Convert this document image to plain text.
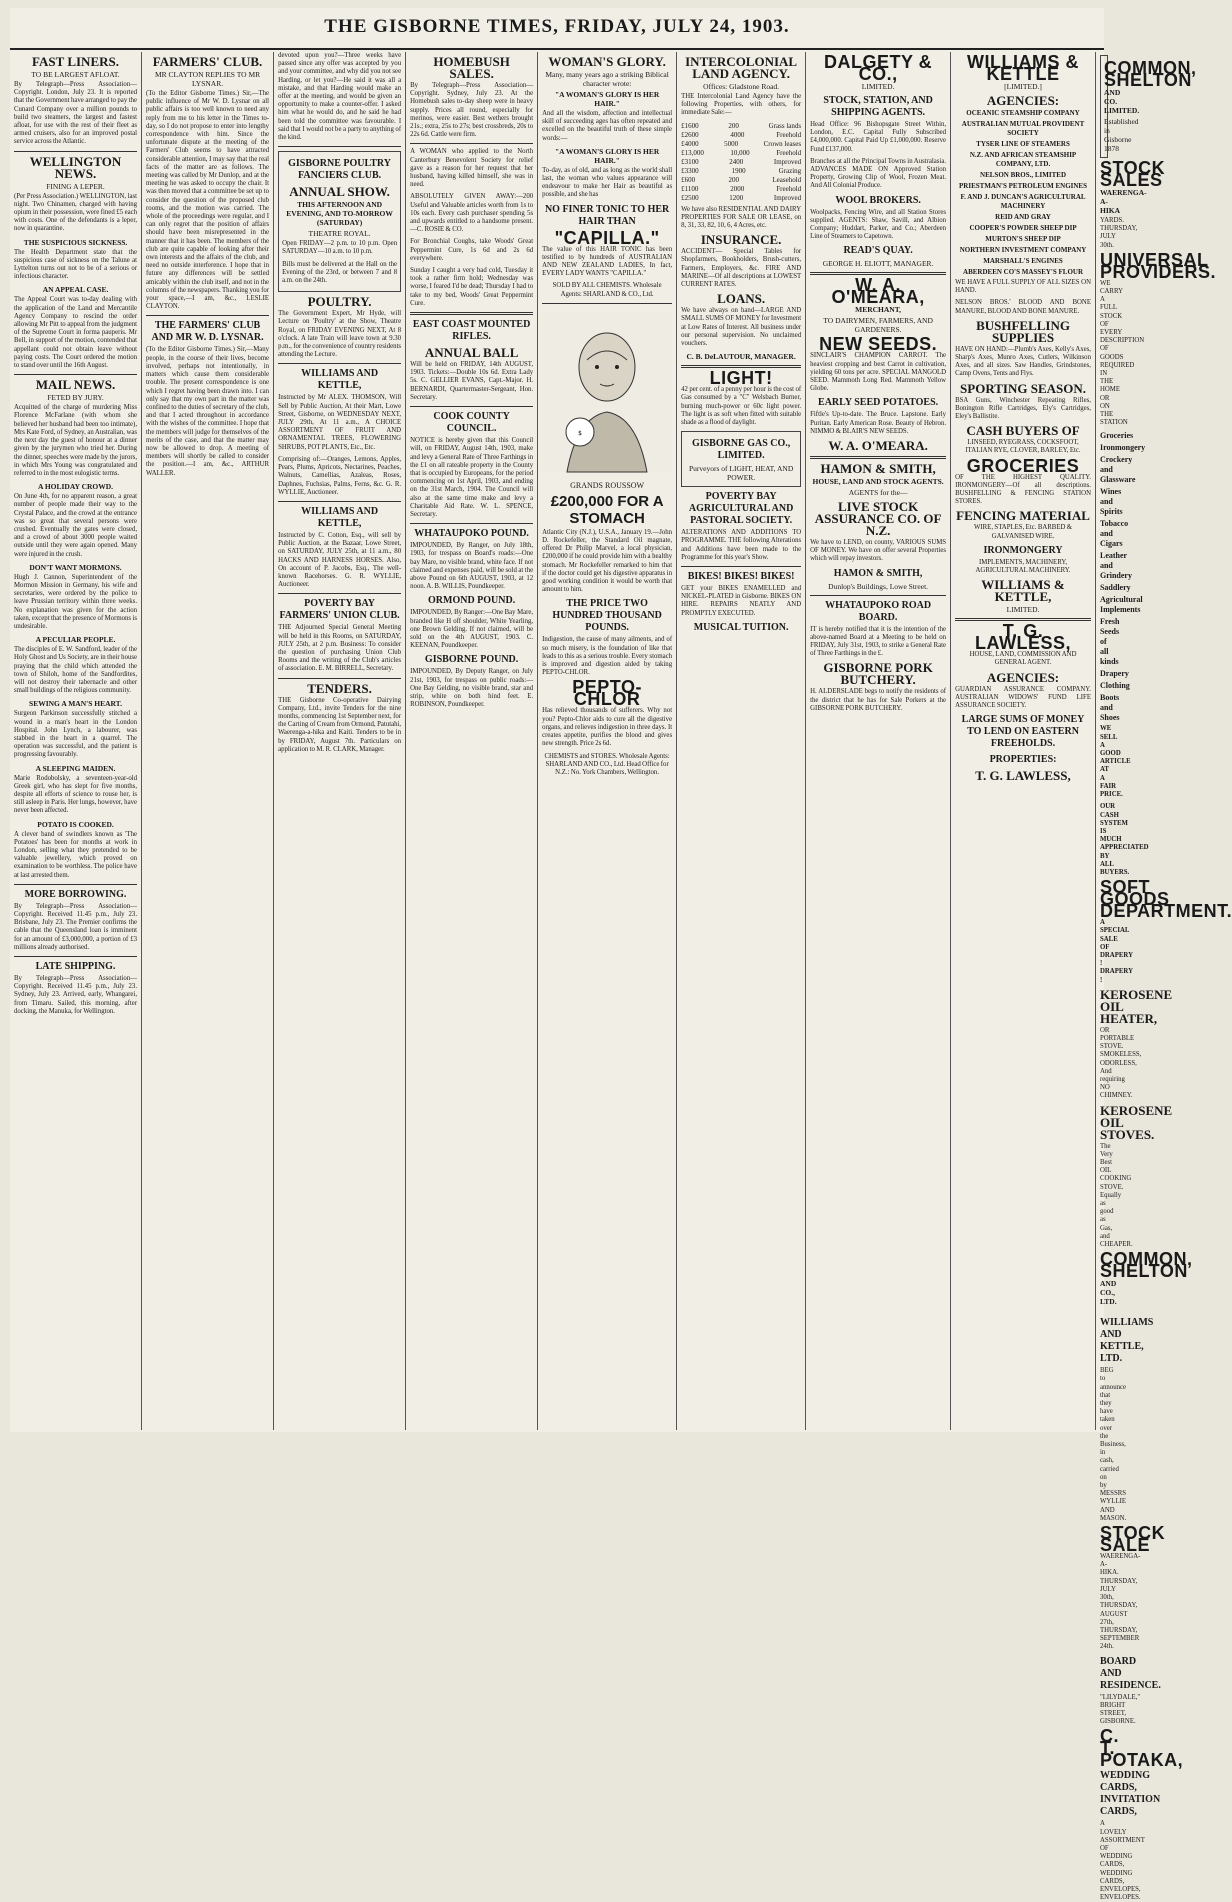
THE GISBORNE TIMES, FRIDAY, JULY 24, 1903.
FAST LINERS.
TO BE LARGEST AFLOAT.

By Telegraph—Press Association—Copyright. London, July 23. It is reported that the Government have arranged to pay the Cunard Company over a million pounds to build two steamers, the largest and fastest afloat, for use with the rest of their fleet as armed cruisers, also for an improved postal service across the Atlantic.

WELLINGTON NEWS.
FINING A LEPER.

(Per Press Association.) WELLINGTON, last night. Two Chinamen, charged with having opium in their possession, were fined £5 each with costs. One of the defendants is a leper, now in quarantine.

THE SUSPICIOUS SICKNESS.

The Health Department state that the suspicious case of sickness on the Talune at Lyttelton turns out not to be of a serious or infectious character.

AN APPEAL CASE.

The Appeal Court was to-day dealing with the application of the Land and Mercantile Agency Company to rescind the order allowing Mr Pitt to appeal from the judgment of the Supreme Court in forma pauperis. Mr Bell, in support of the motion, contended that appellant could not obtain leave without paying costs. The Court ordered the motion to stand over until the 16th August.

MAIL NEWS.
FETED BY JURY.

Acquitted of the charge of murdering Miss Florence McFarlane (with whom she believed her husband had been too intimate), Mrs Kate Ford, of Sydney, an Australian, was the next day the guest of honour at a dinner given by the jurymen who tried her. During the dinner, speeches were made by the jurors, in which Mrs Young was congratulated and referred to in the most eulogistic terms.

A HOLIDAY CROWD.

On June 4th, for no apparent reason, a great number of people made their way to the Crystal Palace, and the crowd at the entrance was so great that several persons were crushed. Eventually the gates were closed, and a crowd of about 3000 people waited outside until they were again opened. Many were injured in the crush.

DON'T WANT MORMONS.

Hugh J. Cannon, Superintendent of the Mormon Mission in Germany, his wife and secretaries, were ordered by the police to leave Prussian territory within three weeks. No explanation was given for the action taken, except that the presence of Mormons is undesirable.

A PECULIAR PEOPLE.

The disciples of E. W. Sandford, leader of the Holy Ghost and Us Society, are in their house praying that the child which attended the town of Shiloh, home of the Sandfordites, will not destroy their tabernacle and other small buildings of the religious community.

SEWING A MAN'S HEART.

Surgeon Parkinson successfully stitched a wound in a man's heart in the London Hospital. John Lynch, a labourer, was stabbed in the heart in a quarrel. The operation was successful, and the patient is progressing favourably.

A SLEEPING MAIDEN.

Marie Rodobolsky, a seventeen-year-old Greek girl, who has slept for five months, despite all efforts of science to rouse her, is still asleep in Paris. Her lungs, however, have never been affected.

POTATO IS COOKED.

A clever band of swindlers known as 'The Potatoes' has been for months at work in London, selling what they pretended to be valuable jewellery, which proved on examination to be worthless. The police have at last arrested them.

MORE BORROWING.

By Telegraph—Press Association—Copyright. Received 11.45 p.m., July 23. Brisbane, July 23. The Premier confirms the cable that the Queensland loan is imminent for an amount of £3,000,000, a portion of £3 millions already authorised.

LATE SHIPPING.

By Telegraph—Press Association—Copyright. Received 11.45 p.m., July 23. Sydney, July 23. Arrived, early, Whangarei, from Timaru. Sailed, this morning, after docking, the Manuka, for Wellington.

FARMERS' CLUB.
MR CLAYTON REPLIES TO MR LYSNAR.

(To the Editor Gisborne Times.) Sir,—The public influence of Mr W. D. Lysnar on all public affairs is too well known to need any reply from me to his letter in the Times to-day, so I do not propose to enter into lengthy correspondence with him. Since the unfortunate dispute at the meeting of the Farmers' Club seems to have attracted considerable attention, I may say that the real facts of the matter are as follows. The meeting was called by Mr Dunlop, and at the meeting he was asked to occupy the chair. It was then moved that a committee be set up to consider the question of the proposed club rooms, and the motion was carried. The whole of the proceedings were regular, and I can only regret that the position of affairs should have been misrepresented in the manner that it has been. The members of the club are quite capable of looking after their own interests and the affairs of the club, and need no outside interference. I hope that in future any differences will be settled amicably within the club itself, and not in the columns of the newspapers. Thanking you for your space,—I am, &c., LESLIE CLAYTON.

THE FARMERS' CLUB AND MR W. D. LYSNAR.

(To the Editor Gisborne Times.) Sir,—Many people, in the course of their lives, become involved, perhaps not intentionally, in matters which cause them considerable trouble. The present correspondence is one which I regret having been drawn into. I can only say that my own part in the matter was confined to the duties of secretary of the club, and that I acted throughout in accordance with the wishes of the committee. I hope that the members will judge for themselves of the merits of the case, and that the matter may now be allowed to drop. A meeting of members will shortly be called to consider the position.—I am, &c., ARTHUR WALLER.

devoted upon you?—Three weeks have passed since any offer was accepted by you and your committee, and why did you not see Harding, or let you?—He said it was all a mistake, and that Harding would make an offer at the meeting, and would be given an opportunity to make a counter-offer. I asked him what he would do, and he said he had been told the committee was favourable. I said that I would not be a party to anything of the kind.

GISBORNE POULTRY FANCIERS CLUB.
ANNUAL SHOW.
THIS AFTERNOON AND EVENING, AND TO-MORROW (SATURDAY)
THEATRE ROYAL.

Open FRIDAY—2 p.m. to 10 p.m. Open SATURDAY—10 a.m. to 10 p.m.

Bills must be delivered at the Hall on the Evening of the 23rd, or between 7 and 8 a.m. on the 24th.

POULTRY.

The Government Expert, Mr Hyde, will Lecture on 'Poultry' at the Show, Theatre Royal, on FRIDAY EVENING NEXT, At 8 o'clock. A late Train will leave town at 9.30 p.m., for the convenience of country residents attending the Lecture.

WILLIAMS AND KETTLE,

Instructed by Mr ALEX. THOMSON, Will Sell by Public Auction, At their Mart, Lowe Street, Gisborne, on WEDNESDAY NEXT, JULY 29th, At 11 a.m., A CHOICE ASSORTMENT OF FRUIT AND ORNAMENTAL TREES, FLOWERING SHRUBS, POT PLANTS, Etc., Etc.

Comprising of:—Oranges, Lemons, Apples, Pears, Plums, Apricots, Nectarines, Peaches, Walnuts, Camellias, Azaleas, Roses, Daphnes, Fuchsias, Palms, Ferns, &c. G. R. WYLLIE, Auctioneer.

WILLIAMS AND KETTLE,

Instructed by C. Cotton, Esq., will sell by Public Auction, at the Bazaar, Lowe Street, on SATURDAY, JULY 25th, at 11 a.m., 80 HACKS AND HARNESS HORSES. Also, On account of P. Jacobs, Esq., The well-known Racehorses. G. R. WYLLIE, Auctioneer.

POVERTY BAY FARMERS' UNION CLUB.

THE Adjourned Special General Meeting will be held in this Rooms, on SATURDAY, JULY 25th, at 2 p.m. Business: To consider the question of purchasing Union Club Rooms and the writing of the Club's articles of association. E. M. BIRRELL, Secretary.

TENDERS.

THE Gisborne Co-operative Dairying Company, Ltd., invite Tenders for the nine months, commencing 1st September next, for the Carting of Cream from Ormond, Patutahi, Waerenga-a-hika and Kaiti. Tenders to be in by FRIDAY, August 7th. Particulars on application to M. R. CLARK, Manager.

HOMEBUSH SALES.

By Telegraph—Press Association—Copyright. Sydney, July 23. At the Homebush sales to-day sheep were in heavy supply. Prices all round, especially for merinos, were easier. Best wethers brought 21s.; extra, 25s to 27s; best crossbreds, 20s to 22s 6d. Cattle were firm.

A WOMAN who applied to the North Canterbury Benevolent Society for relief gave as a reason for her request that her husband, having killed himself, she was in need.

ABSOLUTELY GIVEN AWAY:—200 Useful and Valuable articles worth from 1s to 10s each. Every cash purchaser spending 5s and upwards entitled to a handsome present.—C. ROSIE & CO.

For Bronchial Coughs, take Woods' Great Peppermint Cure, 1s 6d and 2s 6d everywhere.

Sunday I caught a very bad cold, Tuesday it took a rather firm hold; Wednesday was worse, I feared I'd be dead; Thursday I had to take to my bed, Woods' Great Peppermint Cure.

EAST COAST MOUNTED RIFLES.
ANNUAL BALL

Will be held on FRIDAY, 14th AUGUST, 1903. Tickets:—Double 10s 6d. Extra Lady 5s. C. GELLIER EVANS, Capt.-Major. H. BERNARDI, Quartermaster-Sergeant, Hon. Secretary.

COOK COUNTY COUNCIL.

NOTICE is hereby given that this Council will, on FRIDAY, August 14th, 1903, make and levy a General Rate of Three Farthings in the £1 on all rateable property in the County that is occupied by Europeans, for the period commencing on 1st April, 1903, and ending on the 31st March, 1904. The Council will also at the same time make and levy a Charitable Aid Rate. W. L. SPENCE, Secretary.

WHATAUPOKO POUND.

IMPOUNDED, By Ranger, on July 18th, 1903, for trespass on Board's roads:—One bay Mare, no visible brand, white face. If not claimed and expenses paid, will be sold at the above Pound on 6th AUGUST, 1903, at 12 noon. A. B. WILLIS, Poundkeeper.

ORMOND POUND.

IMPOUNDED, By Ranger:—One Bay Mare, branded like H off shoulder, White Yearling, one Brown Gelding. If not claimed, will be sold on the 4th AUGUST, 1903. C. KEENAN, Poundkeeper.

GISBORNE POUND.

IMPOUNDED, By Deputy Ranger, on July 21st, 1903, for trespass on public roads:—One Bay Gelding, no visible brand, star and strip, white on both hind feet. E. ROBINSON, Poundkeeper.

WOMAN'S GLORY.
Many, many years ago a striking Biblical character wrote:
"A WOMAN'S GLORY IS HER HAIR."

And all the wisdom, affection and intellectual skill of succeeding ages has often repeated and excelled on the beautiful truth of these simple words:—

"A WOMAN'S GLORY IS HER HAIR."

To-day, as of old, and as long as the world shall last, the woman who values appearance will endeavour to make her Hair as beautiful as possible, and she has

NO FINER TONIC TO HER HAIR THAN
"CAPILLA."

The value of this HAIR TONIC has been testified to by hundreds of AUSTRALIAN AND NEW ZEALAND LADIES, In fact, EVERY LADY WANTS "CAPILLA."

SOLD BY ALL CHEMISTS. Wholesale Agents: SHARLAND & CO., Ltd.

$
GRANDS ROUSSOW
£200,000 FOR A STOMACH

Atlantic City (N.J.), U.S.A., January 19.—John D. Rockefeller, the Standard Oil magnate, offered Dr Philip Marvel, a local physician, £200,000 if he could provide him with a healthy stomach. Mr Rockefeller remarked to him that if the doctor could get his digestive apparatus in good working condition it would be worth that amount to him.

THE PRICE TWO HUNDRED THOUSAND POUNDS.

Indigestion, the cause of many ailments, and of so much misery, is the foundation of like that leads to this as a serious trouble. Every stomach is improved and digestion aided by taking PEPTO-CHLOR.

PEPTO-CHLOR

Has relieved thousands of sufferers. Why not you? Pepto-Chlor aids to cure all the digestive organs, and relieves indigestion in three days. It creates appetite, purifies the blood and gives new strength. Price 2s 6d.

CHEMISTS and STORES. Wholesale Agents: SHARLAND AND CO., Ltd. Head Office for N.Z.: No. York Chambers, Wellington.

INTERCOLONIAL LAND AGENCY.
Offices: Gladstone Road.

THE Intercolonial Land Agency have the following Properties, with others, for immediate Sale:—

£1600	200	Grass lands
£2600	4000	Freehold
£4000	5000	Crown leases
£13,000	10,000	Freehold
£3100	2400	Improved
£3300	1900	Grazing
£600	200	Leasehold
£1100	2000	Freehold
£2500	1200	Improved

We have also RESIDENTIAL AND DAIRY PROPERTIES FOR SALE OR LEASE, on 8, 31, 33, 82, 10, 6, 4 Acres, etc.

INSURANCE.

ACCIDENT— Special Tables for Shopfarmers, Bookholders, Brush-cutters, Farmers, Employers, &c. FIRE AND MARINE—Of all descriptions at LOWEST CURRENT RATES.

LOANS.

We have always on hand—LARGE AND SMALL SUMS OF MONEY for Investment at Low Rates of Interest. All business under our personal supervision. No unclaimed vouchers.

C. B. DeLAUTOUR, MANAGER.
LIGHT!

42 per cent. of a penny per hour is the cost of Gas consumed by a "C" Welsbach Burner, burning much-power or 60c light power. The light is as soft when fitted with suitable shade as a flood of daylight.

GISBORNE GAS CO., LIMITED.
Purveyors of LIGHT, HEAT, AND POWER.
POVERTY BAY AGRICULTURAL AND PASTORAL SOCIETY.

ALTERATIONS AND ADDITIONS TO PROGRAMME. THE following Alterations and Additions have been made to the Programme for this year's Show.

BIKES! BIKES! BIKES!

GET your BIKES ENAMELLED and NICKEL-PLATED in Gisborne. BIKES ON HIRE. REPAIRS NEATLY AND PROMPTLY EXECUTED.

MUSICAL TUITION.
DALGETY & CO.,
LIMITED.
STOCK, STATION, AND SHIPPING AGENTS.

Head Office: 96 Bishopsgate Street Within, London, E.C. Capital Fully Subscribed £4,000,000. Capital Paid Up £1,000,000. Reserve Fund £137,000.

Branches at all the Principal Towns in Australasia. ADVANCES MADE ON Approved Station Property, Growing Clip of Wool, Frozen Meat. And All Colonial Produce.

WOOL BROKERS.

Woolpacks, Fencing Wire, and all Station Stores supplied. AGENTS: Shaw, Savill, and Albion Company; Huddart, Parker, and Co.; Aberdeen Line of Steamers to Capetown.

READ'S QUAY.
GEORGE H. ELIOTT, MANAGER.
W. A. O'MEARA,
MERCHANT,
TO DAIRYMEN, FARMERS, AND GARDENERS.
NEW SEEDS.

SINCLAIR'S CHAMPION CARROT. The heaviest cropping and best Carrot in cultivation, yielding 60 tons per acre. SPECIAL MANGOLD SEED. Mammoth Long Red. Mammoth Yellow Globe.

EARLY SEED POTATOES.

Fiftle's Up-to-date. The Bruce. Lapstone. Early Puritan. Early American Rose. Beauty of Hebron. NIMMO & BLAIR'S NEW SEEDS.

W. A. O'MEARA.
HAMON & SMITH,
HOUSE, LAND AND STOCK AGENTS.
AGENTS for the—
LIVE STOCK ASSURANCE CO. OF N.Z.

We have to LEND, on county, VARIOUS SUMS OF MONEY. We have on offer several Properties which will repay investors.

HAMON & SMITH,
Dunlop's Buildings, Lowe Street.
WHATAUPOKO ROAD BOARD.

IT is hereby notified that it is the intention of the above-named Board at a Meeting to be held on FRIDAY, July 31st, 1903, to strike a General Rate of Three Farthings in the £.

GISBORNE PORK BUTCHERY.

H. ALDERSLADE begs to notify the residents of the district that he has for Sale Porkers at the GIBSORNE PORK BUTCHERY.

WILLIAMS & KETTLE
[LIMITED.]
AGENCIES:
OCEANIC STEAMSHIP COMPANY
AUSTRALIAN MUTUAL PROVIDENT SOCIETY
TYSER LINE OF STEAMERS
N.Z. AND AFRICAN STEAMSHIP COMPANY, LTD.
NELSON BROS., LIMITED
PRIESTMAN'S PETROLEUM ENGINES
F. AND J. DUNCAN'S AGRICULTURAL MACHINERY
REID AND GRAY
COOPER'S POWDER SHEEP DIP
MURTON'S SHEEP DIP
NORTHERN INVESTMENT COMPANY
MARSHALL'S ENGINES
ABERDEEN CO'S MASSEY'S FLOUR

WE HAVE A FULL SUPPLY OF ALL SIZES ON HAND.

NELSON BROS.' BLOOD AND BONE MANURE, BLOOD AND BONE MANURE.

BUSHFELLING SUPPLIES

HAVE ON HAND:—Plumb's Axes, Kelly's Axes, Sharp's Axes, Munro Axes, Cutlers, Wilkinson Axes, and all sizes. Saw Handles, Grindstones, Camp Ovens, Tents and Flys.

SPORTING SEASON.

BSA Guns, Winchester Repeating Rifles, Bonington Rifle Cartridges, Ely's Cartridges, Eley's Ballistite.

CASH BUYERS OF

LINSEED, RYEGRASS, COCKSFOOT, ITALIAN RYE, CLOVER, BARLEY, Etc.

GROCERIES

OF THE HIGHEST QUALITY. IRONMONGERY—Of all descriptions. BUSHFELLING & FENCING STATION STORES.

FENCING MATERIAL

WIRE, STAPLES, Etc. BARBED & GALVANISED WIRE.

IRONMONGERY

IMPLEMENTS, MACHINERY, AGRICULTURAL MACHINERY.

WILLIAMS & KETTLE,
LIMITED.
T. G. LAWLESS,

HOUSE, LAND, COMMISSION AND GENERAL AGENT.

AGENCIES:

GUARDIAN ASSURANCE COMPANY. AUSTRALIAN WIDOWS' FUND LIFE ASSURANCE SOCIETY.

LARGE SUMS OF MONEY TO LEND ON EASTERN FREEHOLDS.
PROPERTIES:
T. G. LAWLESS,
COMMON, SHELTON
AND CO. LIMITED.
Established in Gisborne 1878
STOCK SALES
WAERENGA-A-HIKA

YARDS. THURSDAY, JULY 30th.

UNIVERSAL PROVIDERS.

WE CARRY A FULL STOCK OF EVERY DESCRIPTION OF GOODS REQUIRED IN THE HOME OR ON THE STATION

Groceries
Ironmongery
Crockery and Glassware
Wines and Spirits
Tobacco and Cigars
Leather and Grindery
Saddlery
Agricultural Implements
Fresh Seeds of all kinds
Drapery
Clothing
Boots and Shoes

WE SELL A GOOD ARTICLE AT A FAIR PRICE.

OUR CASH SYSTEM IS MUCH APPRECIATED BY ALL BUYERS.

SOFT GOODS DEPARTMENT.

A SPECIAL SALE OF DRAPERY ! DRAPERY !

KEROSENE OIL HEATER,

OR PORTABLE STOVE. SMOKELESS, ODORLESS, And requiring NO CHIMNEY.

KEROSENE OIL STOVES.

The Very Best OIL COOKING STOVE. Equally as good as Gas, and CHEAPER.

COMMON, SHELTON
AND CO., LTD.
WILLIAMS AND KETTLE, LTD.

BEG to announce that they have taken over the Business, in cash, carried on by MESSRS WYLLIE AND MASON.

STOCK SALE

WAERENGA-A-HIKA. THURSDAY, JULY 30th, THURSDAY, AUGUST 27th, THURSDAY, SEPTEMBER 24th.

BOARD AND RESIDENCE.

"LILYDALE," BRIGHT STREET, GISBORNE.

C. T. POTAKA,
WEDDING CARDS, INVITATION CARDS,

A LOVELY ASSORTMENT OF WEDDING CARDS, WEDDING CARDS, ENVELOPES, ENVELOPES.
